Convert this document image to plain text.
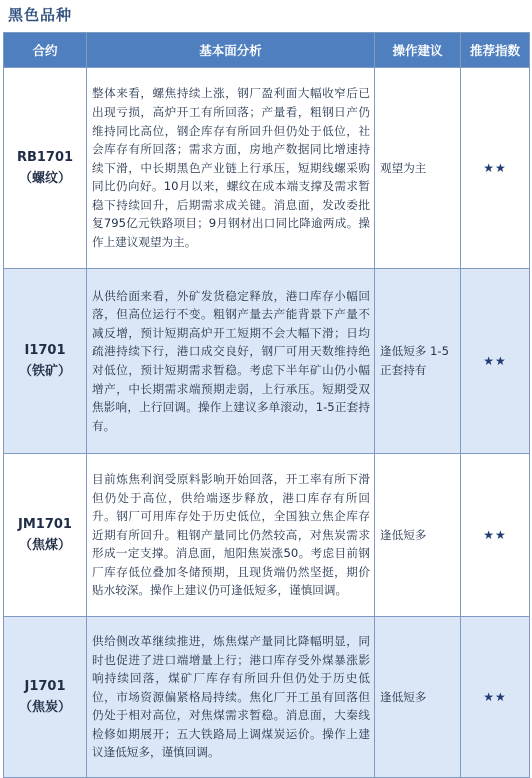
黑色品种
合约	基本面分析	操作建议	推荐指数

RB1701
（螺纹）	整体来看，螺焦持续上涨，钢厂盈利面大幅收窄后已出现亏损，高炉开工有所回落；产量看，粗钢日产仍维持同比高位，钢企库存有所回升但仍处于低位，社会库存有所回落；需求方面，房地产数据同比增速持续下滑，中长期黑色产业链上行承压，短期线螺采购同比仍向好。10月以来，螺纹在成本端支撑及需求暂稳下持续回升，后期需求成关键。消息面，发改委批复795亿元铁路项目；9月钢材出口同比降逾两成。操作上建议观望为主。	观望为主	★★

I1701
（铁矿）	从供给面来看，外矿发货稳定释放，港口库存小幅回落，但高位运行不变。粗钢产量去产能背景下产量不减反增，预计短期高炉开工短期不会大幅下滑；日均疏港持续下行，港口成交良好，钢厂可用天数维持绝对低位，预计短期需求暂稳。考虑下半年矿山仍小幅增产，中长期需求端预期走弱，上行承压。短期受双焦影响，上行回调。操作上建议多单滚动，1-5正套持有。	逢低短多 1-5 正套持有	★★

JM1701
（焦煤）	目前炼焦利润受原料影响开始回落，开工率有所下滑但仍处于高位，供给端逐步释放，港口库存有所回升。钢厂可用库存处于历史低位，全国独立焦企库存近期有所回升。粗钢产量同比仍然较高，对焦炭需求形成一定支撑。消息面，旭阳焦炭涨50。考虑目前钢厂库存低位叠加冬储预期，且现货端仍然坚挺，期价贴水较深。操作上建议仍可逢低短多，谨慎回调。	逢低短多	★★

J1701
（焦炭）	供给侧改革继续推进，炼焦煤产量同比降幅明显，同时也促进了进口端增量上行；港口库存受外煤暴涨影响持续回落，煤矿厂库存有所回升但仍处于历史低位，市场资源偏紧格局持续。焦化厂开工虽有回落但仍处于相对高位，对焦煤需求暂稳。消息面，大秦线检修如期展开；五大铁路局上调煤炭运价。操作上建议逢低短多，谨慎回调。	逢低短多	★★
